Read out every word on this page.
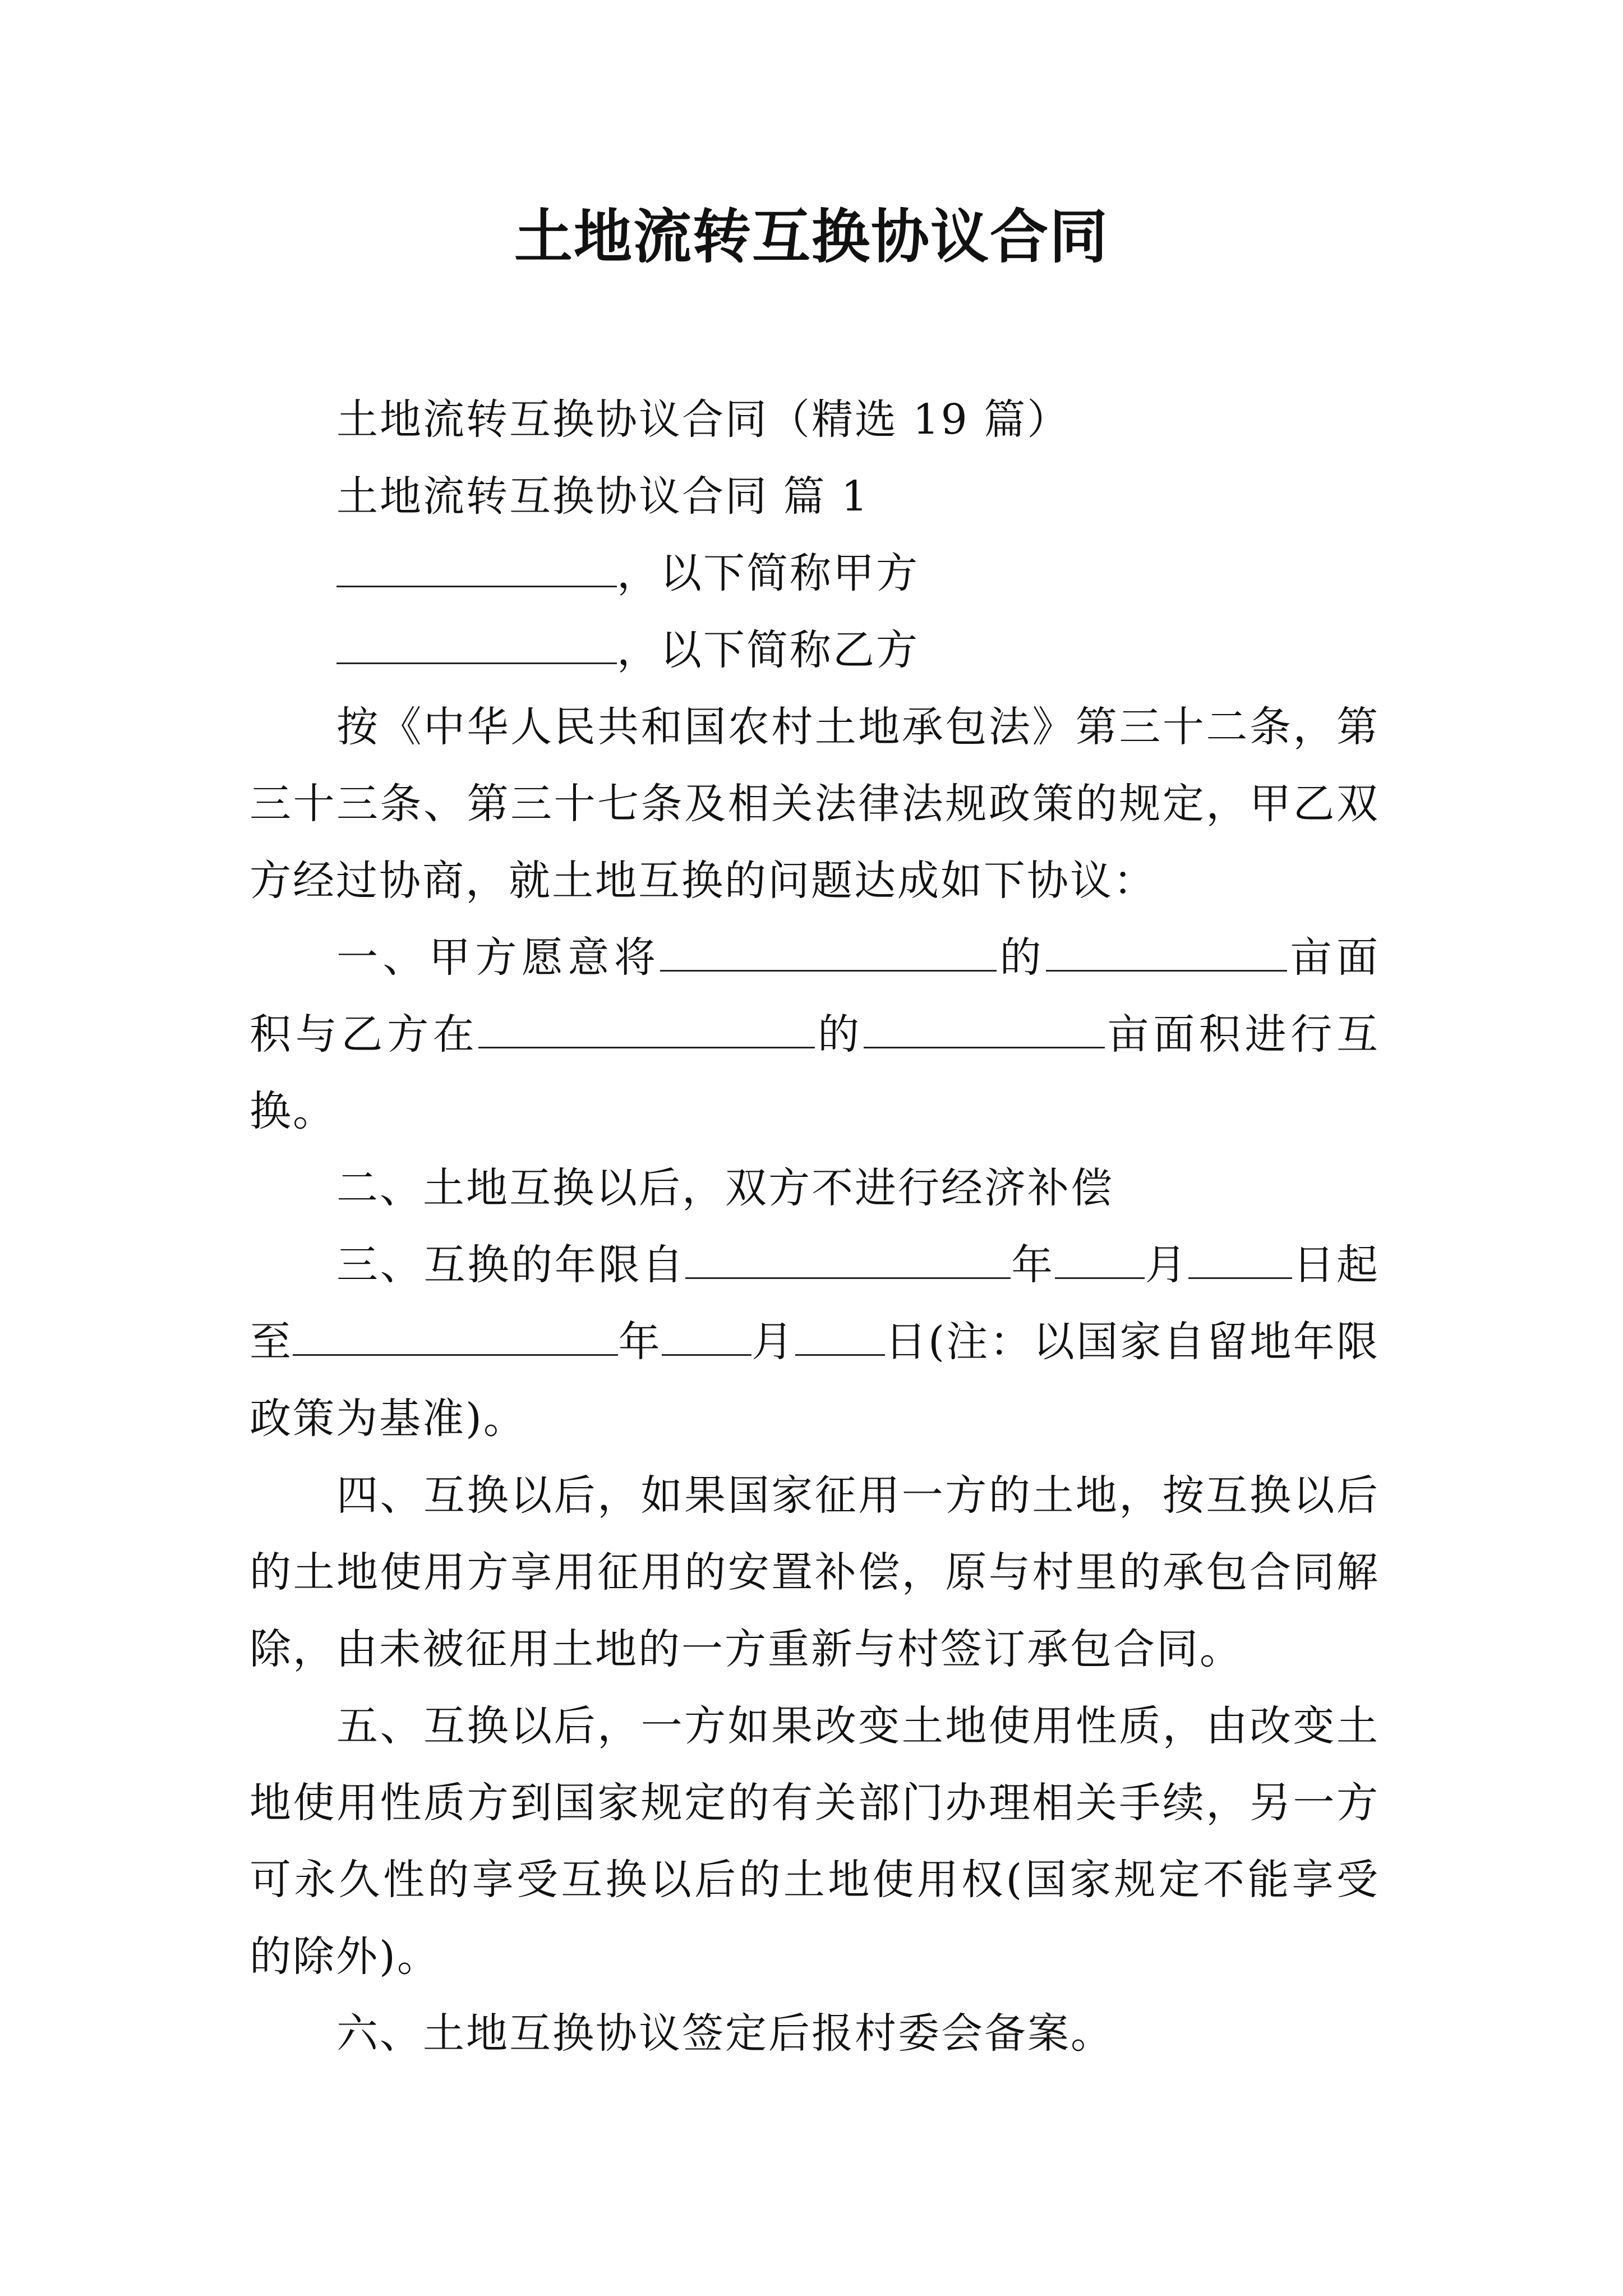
土地流转互换协议合同

土地流转互换协议合同（精选 19 篇）

土地流转互换协议合同 篇 1

，以下简称甲方

，以下简称乙方

按《中华人民共和国农村土地承包法》第三十二条，第三十三条、第三十七条及相关法律法规政策的规定，甲乙双方经过协商，就土地互换的问题达成如下协议：

一、甲方愿意将	的	亩面积与乙方在	的	亩面积进行互换。

二、土地互换以后，双方不进行经济补偿

三、互换的年限自	年 月	日起至	年 月 日(注：以国家自留地年限政策为基准)。

四、互换以后，如果国家征用一方的土地，按互换以后的土地使用方享用征用的安置补偿，原与村里的承包合同解除，由未被征用土地的一方重新与村签订承包合同。

五、互换以后，一方如果改变土地使用性质，由改变土地使用性质方到国家规定的有关部门办理相关手续，另一方可永久性的享受互换以后的土地使用权(国家规定不能享受的除外)。

六、土地互换协议签定后报村委会备案。
